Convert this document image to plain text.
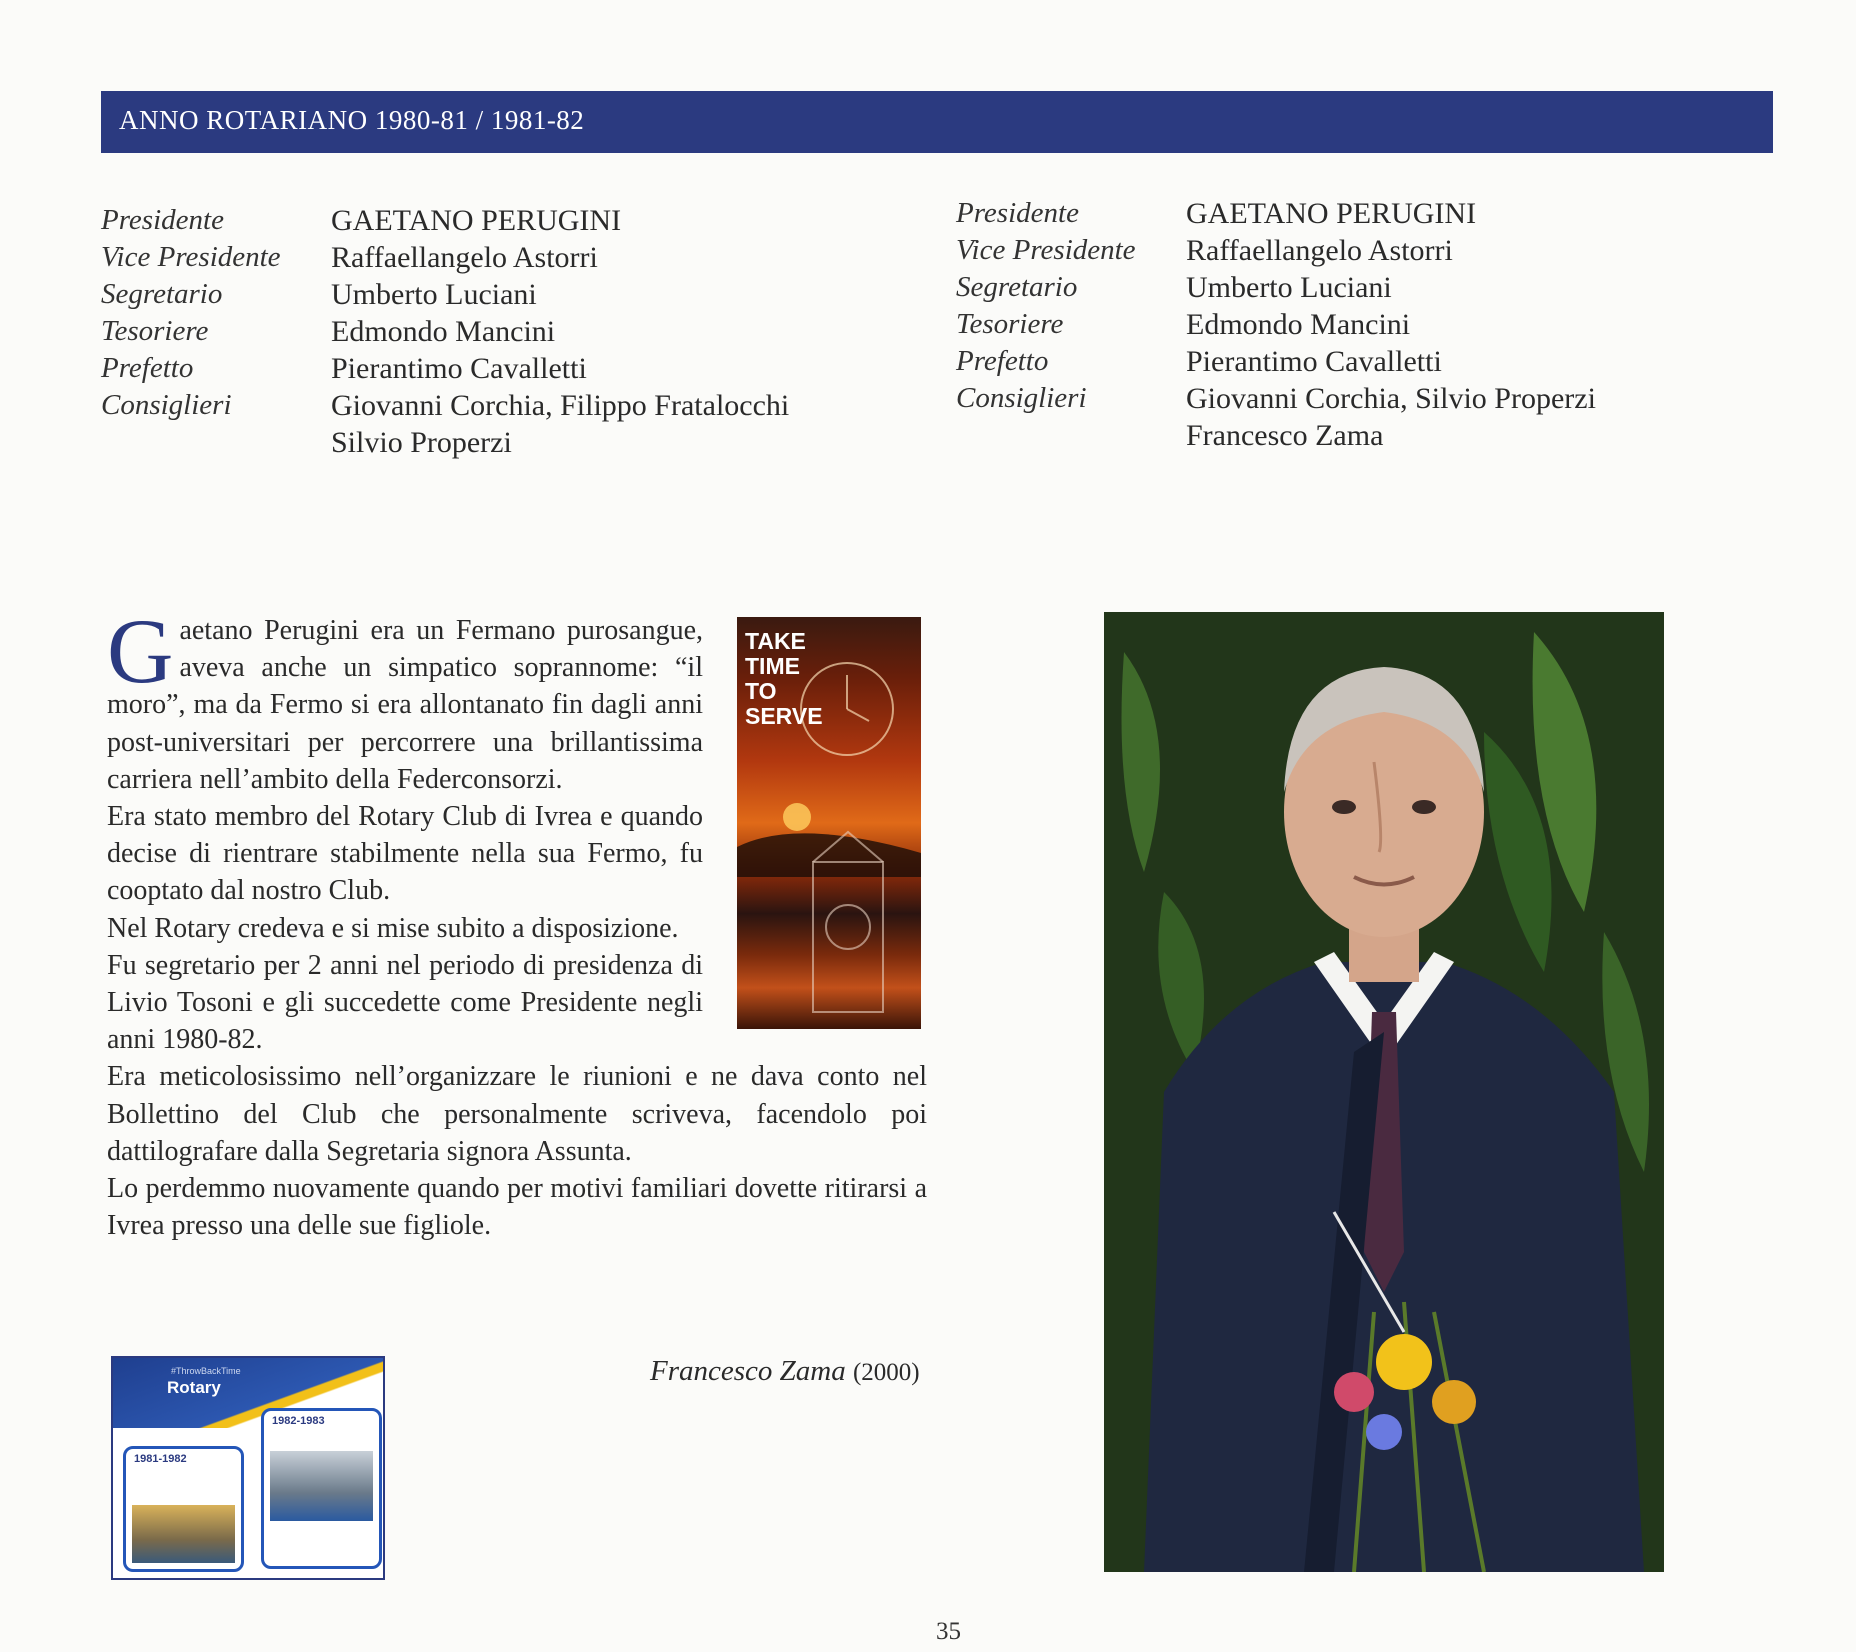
ANNO ROTARIANO 1980-81 / 1981-82
Presidente	GAETANO PERUGINI
Vice Presidente	Raffaellangelo Astorri
Segretario	Umberto Luciani
Tesoriere	Edmondo Mancini
Prefetto	Pierantimo Cavalletti
Consiglieri	Giovanni Corchia, Filippo Fratalocchi
Silvio Properzi
Presidente	GAETANO PERUGINI
Vice Presidente	Raffaellangelo Astorri
Segretario	Umberto Luciani
Tesoriere	Edmondo Mancini
Prefetto	Pierantimo Cavalletti
Consiglieri	Giovanni Corchia, Silvio Properzi
Francesco Zama

Gaetano Perugini era un Fermano purosangue, aveva anche un simpatico soprannome: “il moro”, ma da Fermo si era allontanato fin dagli anni post-universitari per percorrere una brillantissima carriera nell’ambito della Federconsorzi.

Era stato membro del Rotary Club di Ivrea e quando decise di rientrare stabilmente nella sua Fermo, fu cooptato dal nostro Club.

Nel Rotary credeva e si mise subito a disposizione.

Fu segretario per 2 anni nel periodo di presidenza di Livio Tosoni e gli succedette come Presidente negli anni 1980-82.

Era meticolosissimo nell’organizzare le riunioni e ne dava conto nel Bollettino del Club che personalmente scriveva, facendolo poi dattilografare dalla Segretaria signora Assunta.

Lo perdemmo nuovamente quando per motivi familiari dovette ritirarsi a Ivrea presso una delle sue figliole.

TAKE
TIME
TO
SERVE
Francesco Zama (2000)
#ThrowBackTime
Rotary
1981-1982
1982-1983
35
